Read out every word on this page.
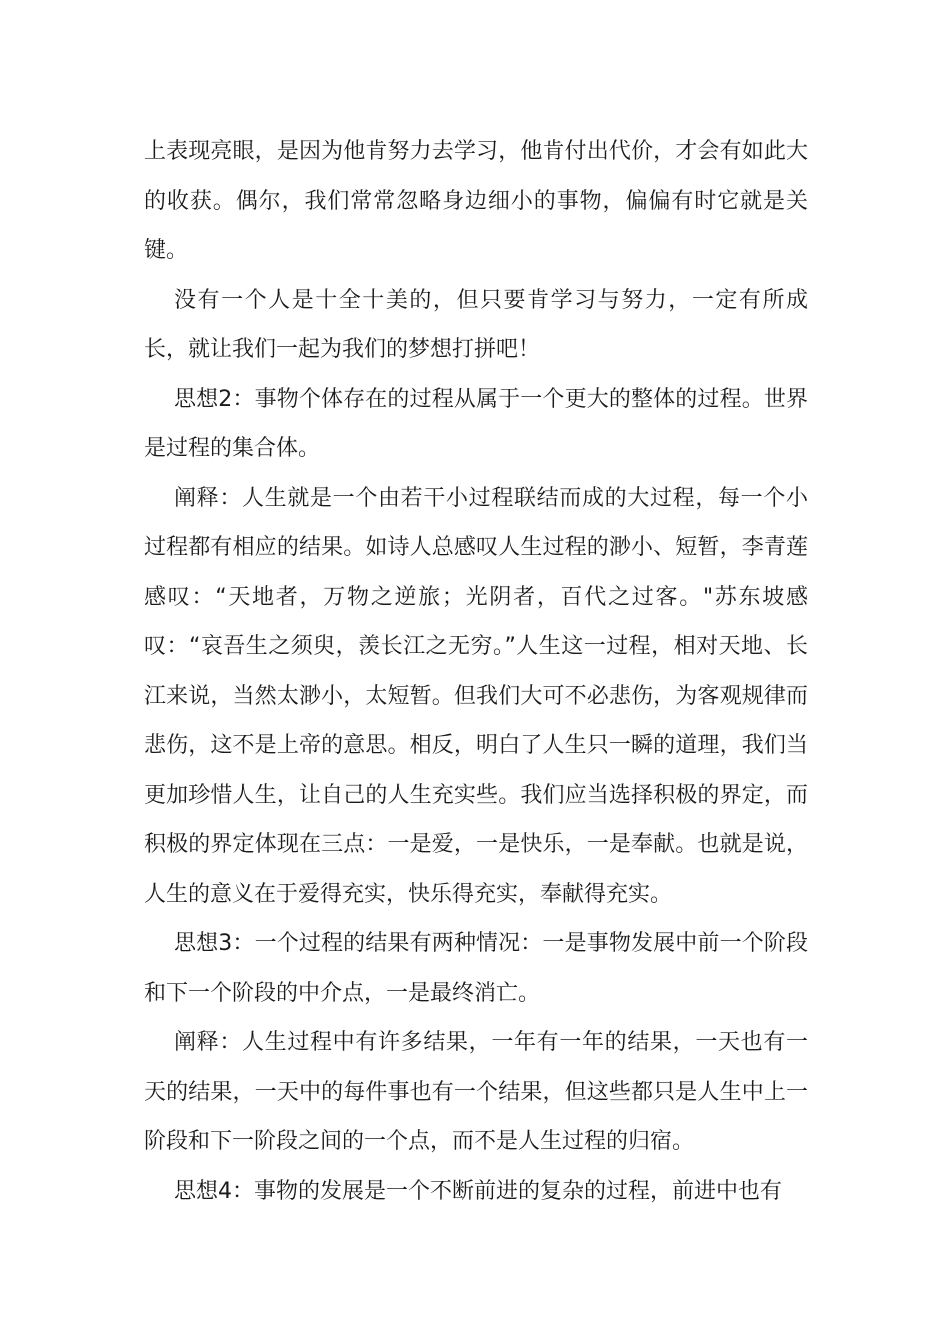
上表现亮眼，是因为他肯努力去学习，他肯付出代价，才会有如此大的收获。偶尔，我们常常忽略身边细小的事物，偏偏有时它就是关键。

没有一个人是十全十美的，但只要肯学习与努力，一定有所成长，就让我们一起为我们的梦想打拼吧！

思想2：事物个体存在的过程从属于一个更大的整体的过程。世界是过程的集合体。

阐释：人生就是一个由若干小过程联结而成的大过程，每一个小过程都有相应的结果。如诗人总感叹人生过程的渺小、短暂，李青莲感叹：“天地者，万物之逆旅；光阴者，百代之过客。"苏东坡感叹：“哀吾生之须臾，羡长江之无穷。”人生这一过程，相对天地、长江来说，当然太渺小，太短暂。但我们大可不必悲伤，为客观规律而悲伤，这不是上帝的意思。相反，明白了人生只一瞬的道理，我们当更加珍惜人生，让自己的人生充实些。我们应当选择积极的界定，而积极的界定体现在三点：一是爱，一是快乐，一是奉献。也就是说，人生的意义在于爱得充实，快乐得充实，奉献得充实。

思想3：一个过程的结果有两种情况：一是事物发展中前一个阶段和下一个阶段的中介点，一是最终消亡。

阐释：人生过程中有许多结果，一年有一年的结果，一天也有一天的结果，一天中的每件事也有一个结果，但这些都只是人生中上一阶段和下一阶段之间的一个点，而不是人生过程的归宿。

思想4：事物的发展是一个不断前进的复杂的过程，前进中也有
